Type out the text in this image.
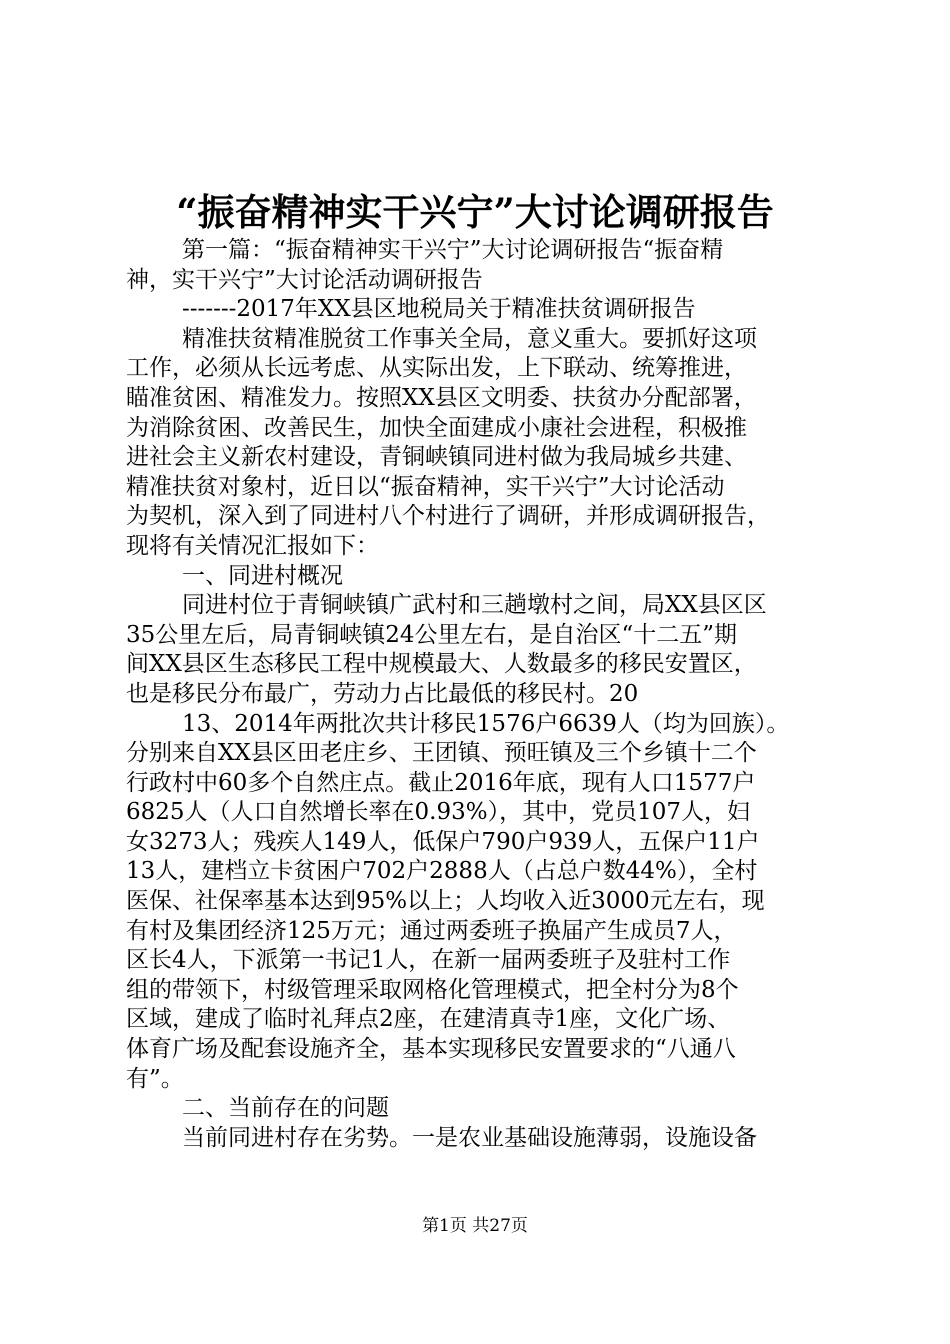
“振奋精神实干兴宁”大讨论调研报告
第一篇：“振奋精神实干兴宁”大讨论调研报告“振奋精
神，实干兴宁”大讨论活动调研报告
-------2017年XX县区地税局关于精准扶贫调研报告
精准扶贫精准脱贫工作事关全局，意义重大。要抓好这项
工作，必须从长远考虑、从实际出发，上下联动、统筹推进，
瞄准贫困、精准发力。按照XX县区文明委、扶贫办分配部署，
为消除贫困、改善民生，加快全面建成小康社会进程，积极推
进社会主义新农村建设，青铜峡镇同进村做为我局城乡共建、
精准扶贫对象村，近日以“振奋精神，实干兴宁”大讨论活动
为契机，深入到了同进村八个村进行了调研，并形成调研报告，
现将有关情况汇报如下：
一、同进村概况
同进村位于青铜峡镇广武村和三趟墩村之间，局XX县区区
35公里左后，局青铜峡镇24公里左右，是自治区“十二五”期
间XX县区生态移民工程中规模最大、人数最多的移民安置区，
也是移民分布最广，劳动力占比最低的移民村。20
13、2014年两批次共计移民1576户6639人（均为回族）。
分别来自XX县区田老庄乡、王团镇、预旺镇及三个乡镇十二个
行政村中60多个自然庄点。截止2016年底，现有人口1577户
6825人（人口自然增长率在0.93%），其中，党员107人，妇
女3273人；残疾人149人，低保户790户939人，五保户11户
13人，建档立卡贫困户702户2888人（占总户数44%），全村
医保、社保率基本达到95%以上；人均收入近3000元左右，现
有村及集团经济125万元；通过两委班子换届产生成员7人，
区长4人，下派第一书记1人，在新一届两委班子及驻村工作
组的带领下，村级管理采取网格化管理模式，把全村分为8个
区域，建成了临时礼拜点2座，在建清真寺1座，文化广场、
体育广场及配套设施齐全，基本实现移民安置要求的“八通八
有”。
二、当前存在的问题
当前同进村存在劣势。一是农业基础设施薄弱，设施设备
第1页 共27页
